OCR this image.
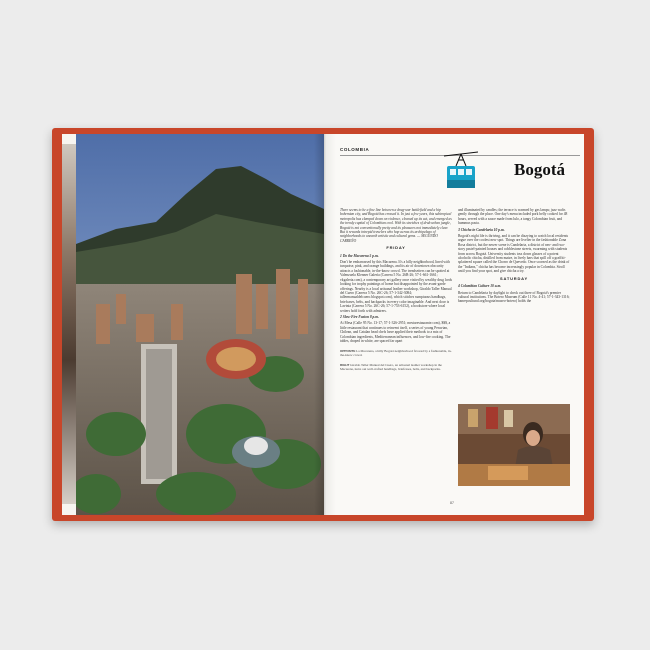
COLOMBIA
Bogotá

There seems to be a fine line between a drug-war battlefield and a hip bohemian city, and Bogotá has crossed it. In just a few years, this subtropical metropolis has clamped down on violence, cleaned up its act, and emerged as the trendy capital of Colombian cool. With its stretches of drab urban jungle, Bogotá is not conventionally pretty and its pleasures not immediately clear. But it rewards intrepid travelers who hop across its archipelago of neighborhoods to unearth artistic and cultural gems. — SEGUNDO CARREÑO

FRIDAY

1 Do the Macarena 5 p.m.

Don't be embarrassed by this Macarena. It's a hilly neighborhood, lined with turquoise, pink, and orange buildings, and its air of downtown obscurity attracts a fashionable, in-the-know crowd. The trendsetters can be spotted at Valenzuela Klenner Galería (Carrera 5 No. 26B-26; 57-1-661-1661; vkgaleria.com), a contemporary art gallery once visited by wealthy drug lords looking for trophy paintings of home but disappointed by the avant-garde offerings. Nearby is a local artisanal leather workshop, Giraldo Taller Manual del Cuero (Carrera 5 No. 26C-26; 57-1-342-3084; tallermanualdelcuero.blogspot.com), which stitches sumptuous handbags, briefcases, belts, and backpacks in every color imaginable. And next door is Lavinia (Carrera 5 No. 26C-26; 57-1-753-6152), a bookstore where local writers hold forth with admirers.

2 Slow-Fire Fusion 8 p.m.

At Mesa (Calle 95 No. 13-17; 57-1-326-2951; mestarestaurante.com), $$$, a little restaurant that continues to reinvent itself, a series of young Peruvian, Chilean, and Catalan head chefs have applied their methods to a mix of Colombian ingredients, Mediterranean influences, and low-fire cooking. The tables, draped in white, are spaced far apart

OPPOSITE La Macarena, a hilly Bogotá neighborhood favored by a fashionable, in-the-know crowd.
RIGHT Giraldo Taller Manual del Cuero, an artisanal leather workshop in the Macarena, turns out well-crafted handbags, briefcases, belts, and backpacks.

and illuminated by candles; the terrace is warmed by gas lamps; jazz wafts gently through the place. One day's menu included pork belly cooked for 48 hours, served with a sauce made from lulo, a tangy Colombian fruit, and hummus pasta.

3 Chicha in Candelaria 10 p.m.

Bogotá's night life is thriving, and it can be dizzying to watch local residents argue over the coolest new spot. Things are livelier in the fashionable Zona Rosa district, but the newer scene is Candelaria, a district of neo- and two-story pastel-painted houses and cobblestone streets, swarming with students from across Bogotá. University students toss down glasses of a potent alcoholic chicha, distilled from maize, in lively bars that spill off a graffiti-splattered square called the Chorro de Quevedo. Once scorned as the drink of the "Indians," chicha has become increasingly popular in Colombia. Stroll until you find your spot, and give chicha a try.

SATURDAY

4 Colombian Culture 10 a.m.

Return to Candelaria by daylight to check out three of Bogotá's premier cultural institutions. The Botero Museum (Calle 11 No. 4-41; 57-1-343-1316; banrepcultural.org/bogota/museo-botero) holds the

87
